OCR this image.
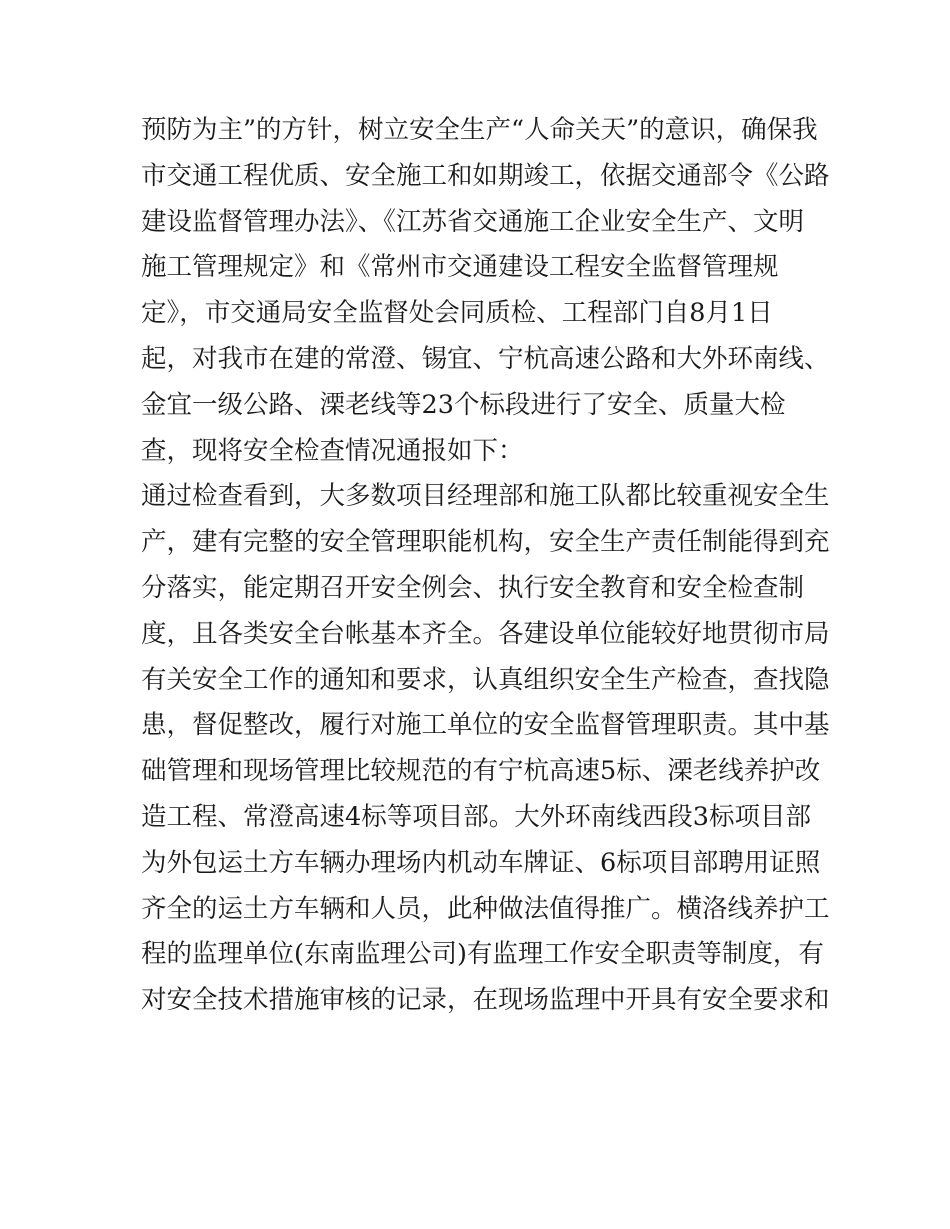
预防为主”的方针，树立安全生产“人命关天”的意识，确保我
市交通工程优质、安全施工和如期竣工，依据交通部令《公路
建设监督管理办法》、《江苏省交通施工企业安全生产、文明
施工管理规定》和《常州市交通建设工程安全监督管理规
定》，市交通局安全监督处会同质检、工程部门自8月1日
起，对我市在建的常澄、锡宜、宁杭高速公路和大外环南线、
金宜一级公路、溧老线等23个标段进行了安全、质量大检
查，现将安全检查情况通报如下：
通过检查看到，大多数项目经理部和施工队都比较重视安全生
产，建有完整的安全管理职能机构，安全生产责任制能得到充
分落实，能定期召开安全例会、执行安全教育和安全检查制
度，且各类安全台帐基本齐全。各建设单位能较好地贯彻市局
有关安全工作的通知和要求，认真组织安全生产检查，查找隐
患，督促整改，履行对施工单位的安全监督管理职责。其中基
础管理和现场管理比较规范的有宁杭高速5标、溧老线养护改
造工程、常澄高速4标等项目部。大外环南线西段3标项目部
为外包运土方车辆办理场内机动车牌证、6标项目部聘用证照
齐全的运土方车辆和人员，此种做法值得推广。横洛线养护工
程的监理单位(东南监理公司)有监理工作安全职责等制度，有
对安全技术措施审核的记录，在现场监理中开具有安全要求和
